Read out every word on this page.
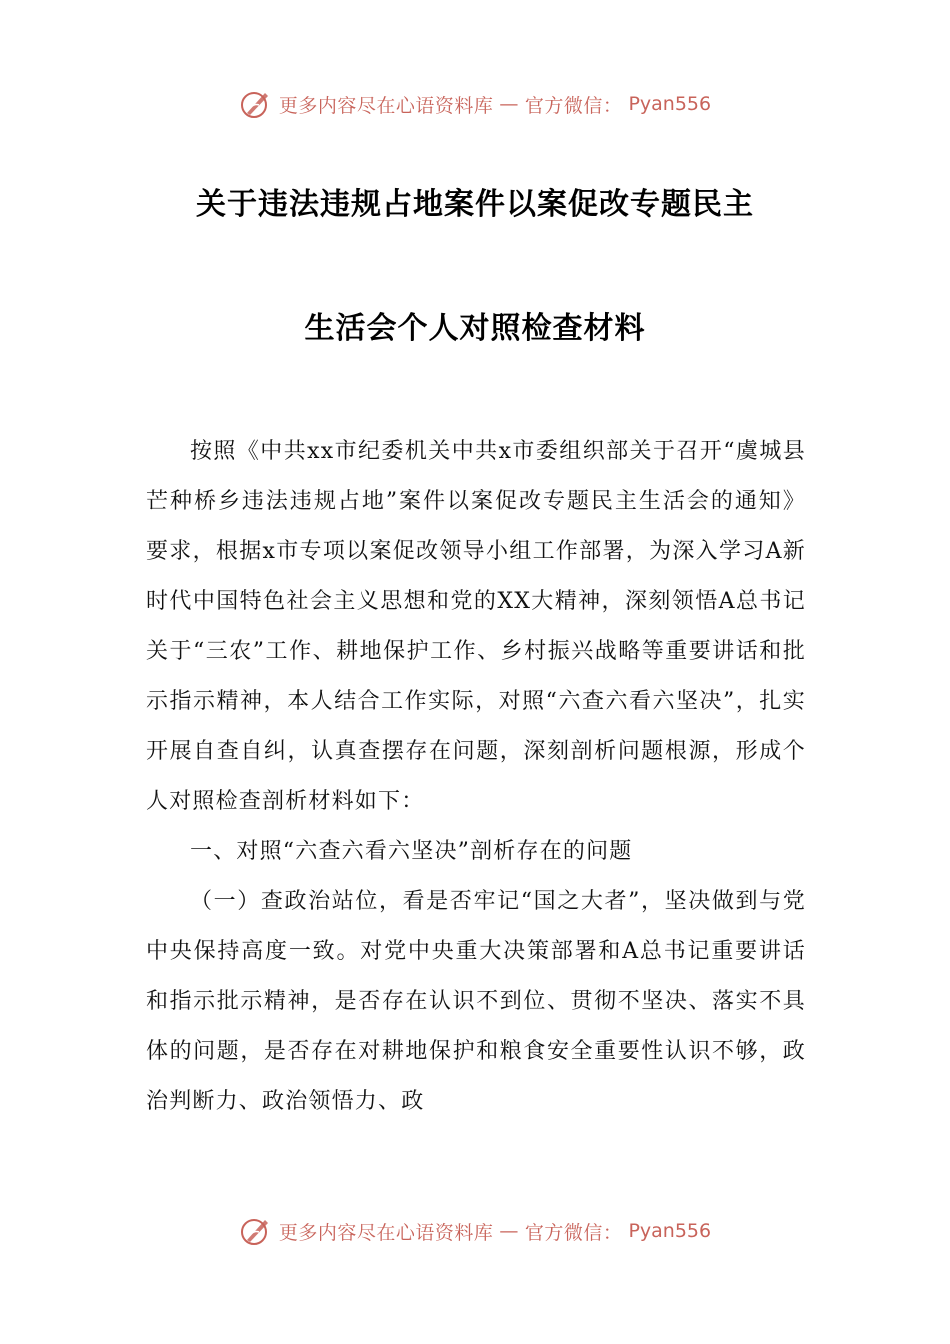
更多内容尽在心语资料库 — 官方微信： Pyan556
关于违法违规占地案件以案促改专题民主
生活会个人对照检查材料

按照《中共xx市纪委机关中共x市委组织部关于召开“虞城县芒种桥乡违法违规占地”案件以案促改专题民主生活会的通知》要求，根据x市专项以案促改领导小组工作部署，为深入学习A新时代中国特色社会主义思想和党的XX大精神，深刻领悟A总书记关于“三农”工作、耕地保护工作、乡村振兴战略等重要讲话和批示指示精神，本人结合工作实际，对照“六查六看六坚决”，扎实开展自查自纠，认真查摆存在问题，深刻剖析问题根源，形成个人对照检查剖析材料如下：

一、对照“六查六看六坚决”剖析存在的问题

（一）查政治站位，看是否牢记“国之大者”，坚决做到与党中央保持高度一致。对党中央重大决策部署和A总书记重要讲话和指示批示精神，是否存在认识不到位、贯彻不坚决、落实不具体的问题，是否存在对耕地保护和粮食安全重要性认识不够，政治判断力、政治领悟力、政

更多内容尽在心语资料库 — 官方微信： Pyan556
